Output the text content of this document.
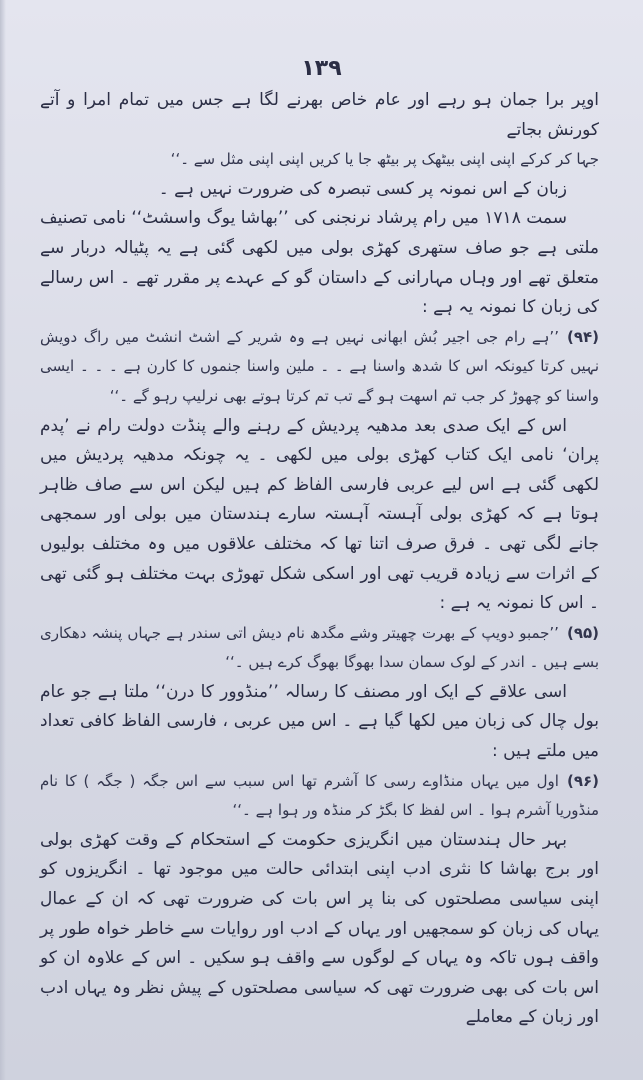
۱۳۹

اوپر برا جمان ہو رہے اور عام خاص بھرنے لگا ہے جس میں تمام امرا و آتے کورنش بجاتے

جہا کر کرکے اپنی اپنی بیٹھک پر بیٹھ جا یا کریں اپنی اپنی مثل سے ۔‘‘

زبان کے اس نمونہ پر کسی تبصرہ کی ضرورت نہیں ہے ۔

سمت ۱۷۱۸ میں رام پرشاد نرنجنی کی ’’بھاشا یوگ واسشٹ‘‘ نامی تصنیف ملتی ہے جو صاف ستھری کھڑی بولی میں لکھی گئی ہے یہ پٹیالہ دربار سے متعلق تھے اور وہاں مہارانی کے داستان گو کے عہدے پر مقرر تھے ۔ اس رسالے کی زبان کا نمونہ یہ ہے :

(۹۴)’’ہے رام جی اجیر بُش ابھانی نہیں ہے وہ شریر کے اشٹ انشٹ میں راگ دویش نہیں کرتا کیونکہ اس کا شدھ واسنا ہے ۔ ۔ ملین واسنا جنموں کا کارن ہے ۔ ۔ ۔ ایسی واسنا کو چھوڑ کر جب تم اسھت ہو گے تب تم کرتا ہوتے بھی نرلیپ رہو گے ۔‘‘

اس کے ایک صدی بعد مدھیہ پردیش کے رہنے والے پنڈت دولت رام نے ’پدم پران‘ نامی ایک کتاب کھڑی بولی میں لکھی ۔ یہ چونکہ مدھیہ پردیش میں لکھی گئی ہے اس لیے عربی فارسی الفاظ کم ہیں لیکن اس سے صاف ظاہر ہوتا ہے کہ کھڑی بولی آہستہ آہستہ سارے ہندستان میں بولی اور سمجھی جانے لگی تھی ۔ فرق صرف اتنا تھا کہ مختلف علاقوں میں وہ مختلف بولیوں کے اثرات سے زیادہ قریب تھی اور اسکی شکل تھوڑی بہت مختلف ہو گئی تھی ۔ اس کا نمونہ یہ ہے :

(۹۵)’’جمبو دویپ کے بھرت چھیتر وشے مگدھ نام دیش اتی سندر ہے جہاں پنشہ دھکاری بسے ہیں ۔ اندر کے لوک سمان سدا بھوگا بھوگ کرے ہیں ۔‘‘

اسی علاقے کے ایک اور مصنف کا رسالہ ’’منڈوور کا درن‘‘ ملتا ہے جو عام بول چال کی زبان میں لکھا گیا ہے ۔ اس میں عربی ، فارسی الفاظ کافی تعداد میں ملتے ہیں :

(۹۶)اول میں یہاں منڈاوے رسی کا آشرم تھا اس سبب سے اس جگہ ( جگہ ) کا نام منڈوریا آشرم ہوا ۔ اس لفظ کا بگڑ کر منڈہ ور ہوا ہے ۔‘‘

بہر حال ہندستان میں انگریزی حکومت کے استحکام کے وقت کھڑی بولی اور برج بھاشا کا نثری ادب اپنی ابتدائی حالت میں موجود تھا ۔ انگریزوں کو اپنی سیاسی مصلحتوں کی بنا پر اس بات کی ضرورت تھی کہ ان کے عمال یہاں کی زبان کو سمجھیں اور یہاں کے ادب اور روایات سے خاطر خواہ طور پر واقف ہوں تاکہ وہ یہاں کے لوگوں سے واقف ہو سکیں ۔ اس کے علاوہ ان کو اس بات کی بھی ضرورت تھی کہ سیاسی مصلحتوں کے پیش نظر وہ یہاں ادب اور زبان کے معاملے
